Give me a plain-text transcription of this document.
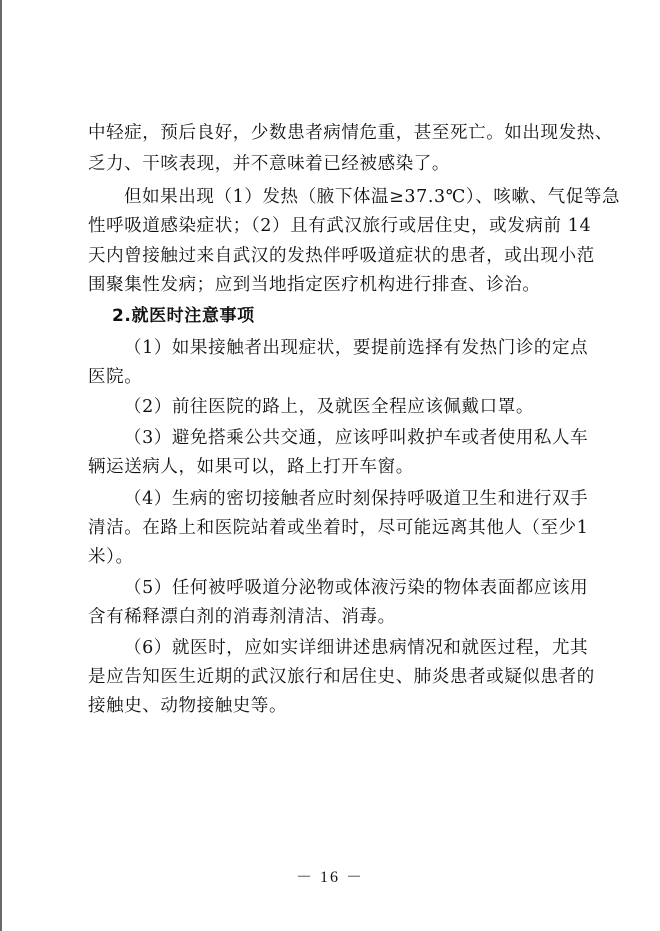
中轻症，预后良好，少数患者病情危重，甚至死亡。如出现发热、
乏力、干咳表现，并不意味着已经被感染了。
但如果出现（1）发热（腋下体温≥37.3℃）、咳嗽、气促等急
性呼吸道感染症状；（2）且有武汉旅行或居住史，或发病前 14
天内曾接触过来自武汉的发热伴呼吸道症状的患者，或出现小范
围聚集性发病；应到当地指定医疗机构进行排查、诊治。
2.就医时注意事项
（1）如果接触者出现症状，要提前选择有发热门诊的定点
医院。
（2）前往医院的路上，及就医全程应该佩戴口罩。
（3）避免搭乘公共交通，应该呼叫救护车或者使用私人车
辆运送病人，如果可以，路上打开车窗。
（4）生病的密切接触者应时刻保持呼吸道卫生和进行双手
清洁。在路上和医院站着或坐着时，尽可能远离其他人（至少1
米）。
（5）任何被呼吸道分泌物或体液污染的物体表面都应该用
含有稀释漂白剂的消毒剂清洁、消毒。
（6）就医时，应如实详细讲述患病情况和就医过程，尤其
是应告知医生近期的武汉旅行和居住史、肺炎患者或疑似患者的
接触史、动物接触史等。
－ 16 －
